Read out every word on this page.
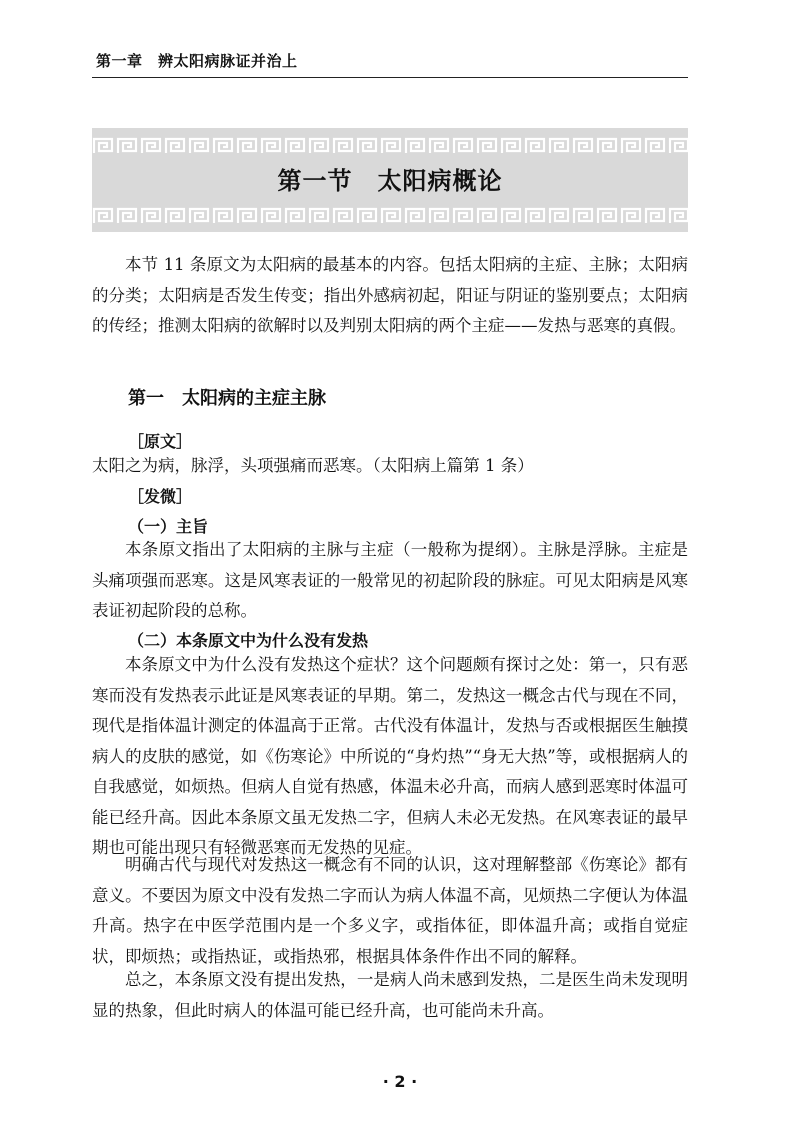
第一章　辨太阳病脉证并治上
第一节　太阳病概论

本节 11 条原文为太阳病的最基本的内容。包括太阳病的主症、主脉；太阳病的分类；太阳病是否发生传变；指出外感病初起，阳证与阴证的鉴别要点；太阳病的传经；推测太阳病的欲解时以及判别太阳病的两个主症——发热与恶寒的真假。

第一　太阳病的主症主脉
［原文］

太阳之为病，脉浮，头项强痛而恶寒。（太阳病上篇第 1 条）

［发微］
（一）主旨

本条原文指出了太阳病的主脉与主症（一般称为提纲）。主脉是浮脉。主症是头痛项强而恶寒。这是风寒表证的一般常见的初起阶段的脉症。可见太阳病是风寒表证初起阶段的总称。

（二）本条原文中为什么没有发热

本条原文中为什么没有发热这个症状？这个问题颇有探讨之处：第一，只有恶寒而没有发热表示此证是风寒表证的早期。第二，发热这一概念古代与现在不同，现代是指体温计测定的体温高于正常。古代没有体温计，发热与否或根据医生触摸病人的皮肤的感觉，如《伤寒论》中所说的“身灼热”“身无大热”等，或根据病人的自我感觉，如烦热。但病人自觉有热感，体温未必升高，而病人感到恶寒时体温可能已经升高。因此本条原文虽无发热二字，但病人未必无发热。在风寒表证的最早期也可能出现只有轻微恶寒而无发热的见症。

明确古代与现代对发热这一概念有不同的认识，这对理解整部《伤寒论》都有意义。不要因为原文中没有发热二字而认为病人体温不高，见烦热二字便认为体温升高。热字在中医学范围内是一个多义字，或指体征，即体温升高；或指自觉症状，即烦热；或指热证，或指热邪，根据具体条件作出不同的解释。

总之，本条原文没有提出发热，一是病人尚未感到发热，二是医生尚未发现明显的热象，但此时病人的体温可能已经升高，也可能尚未升高。

· 2 ·
